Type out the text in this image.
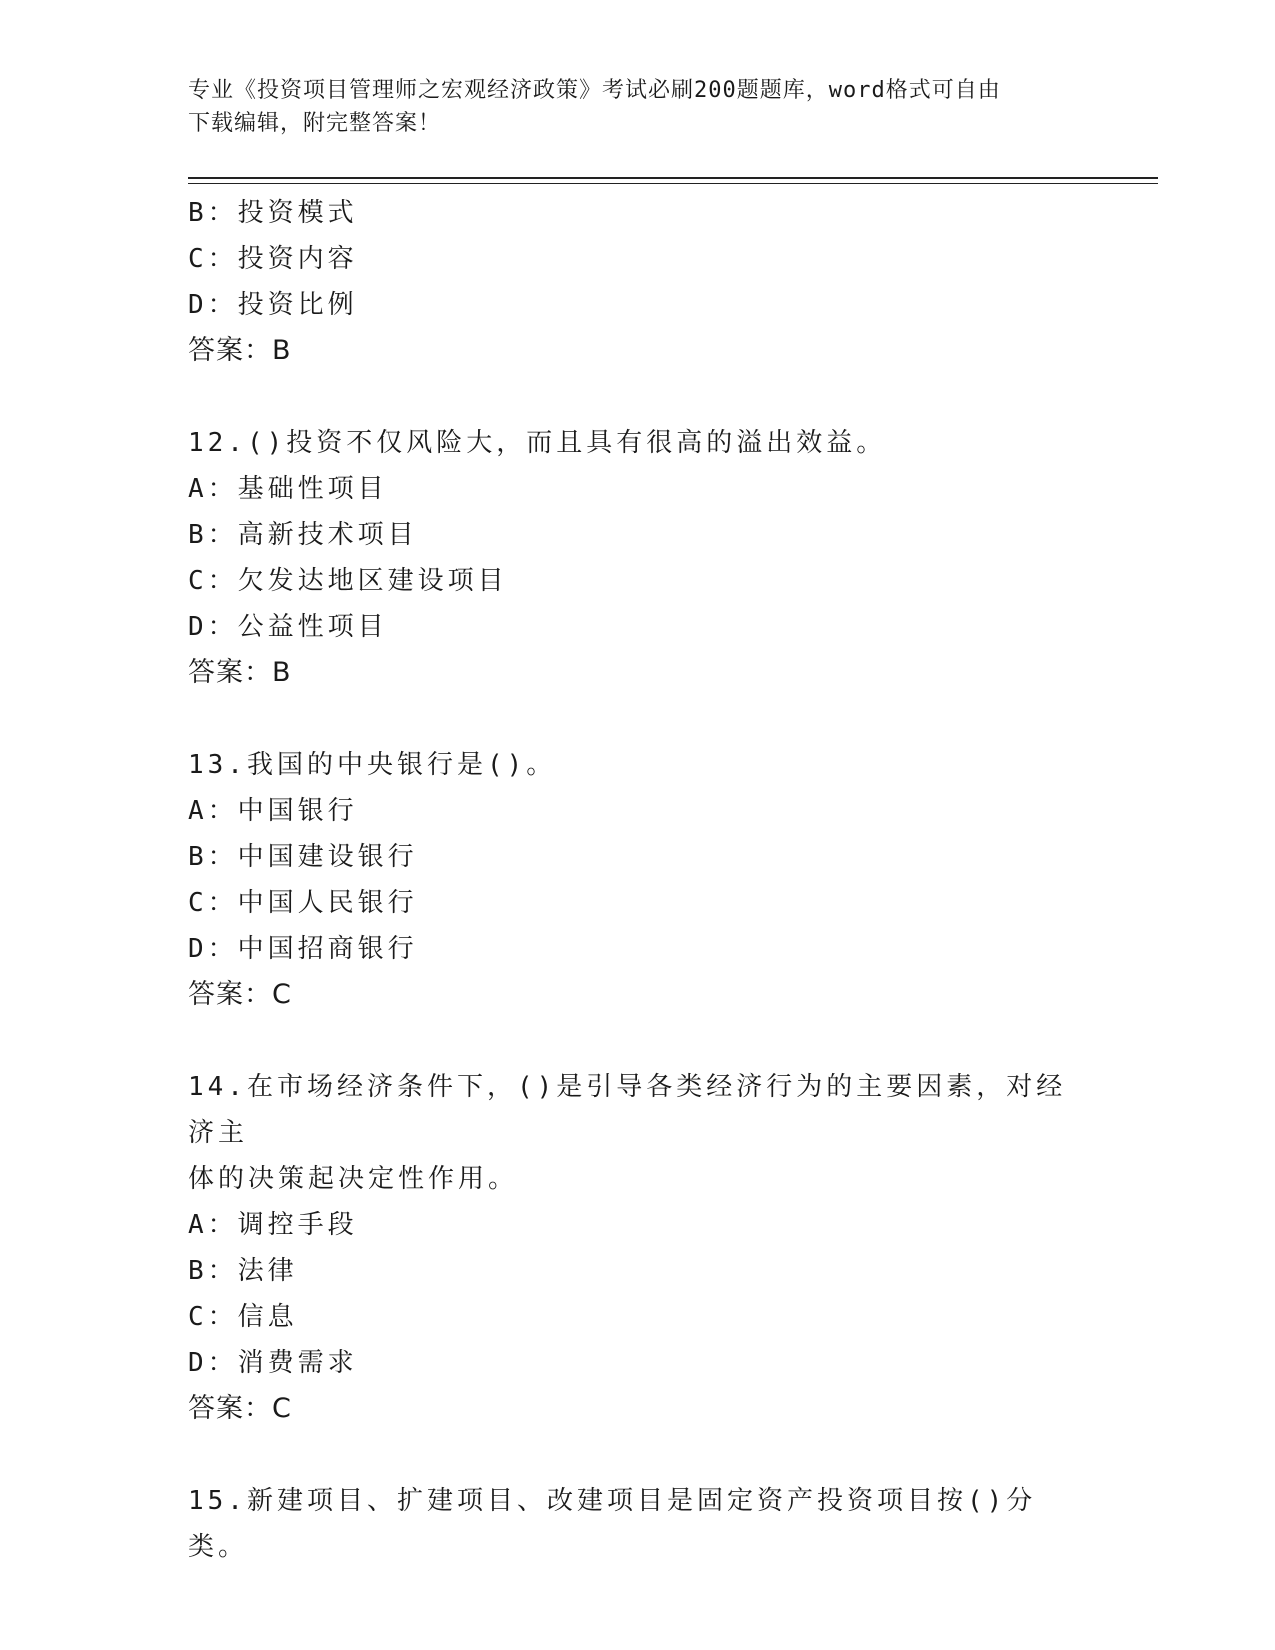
专业《投资项目管理师之宏观经济政策》考试必刷200题题库，word格式可自由
下载编辑，附完整答案！
B：投资模式
C：投资内容
D：投资比例
答案：B
12.()投资不仅风险大，而且具有很高的溢出效益。
A：基础性项目
B：高新技术项目
C：欠发达地区建设项目
D：公益性项目
答案：B
13.我国的中央银行是()。
A：中国银行
B：中国建设银行
C：中国人民银行
D：中国招商银行
答案：C
14.在市场经济条件下，()是引导各类经济行为的主要因素，对经济主
体的决策起决定性作用。
A：调控手段
B：法律
C：信息
D：消费需求
答案：C
15.新建项目、扩建项目、改建项目是固定资产投资项目按()分类。
